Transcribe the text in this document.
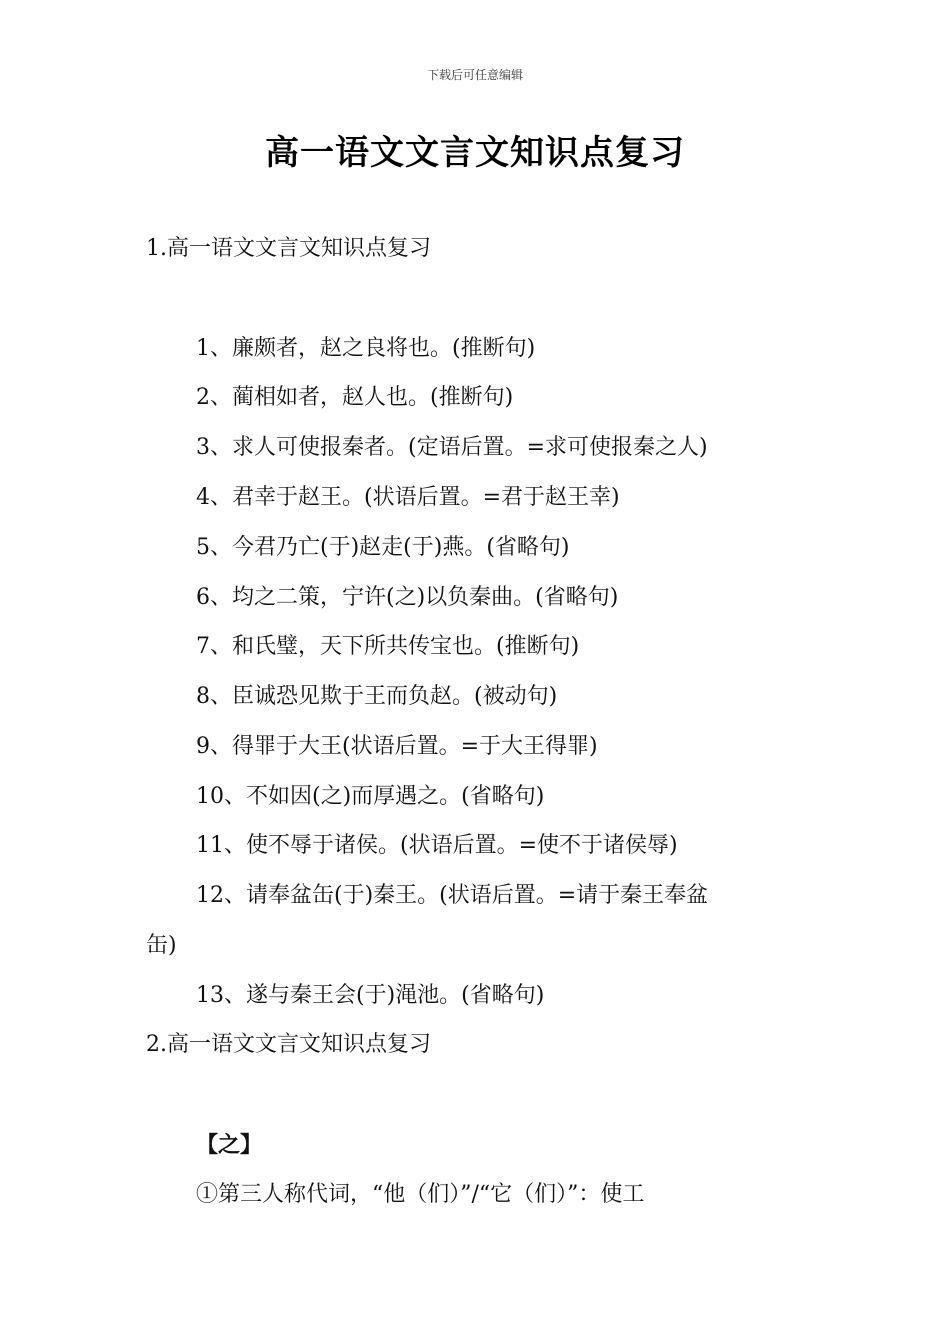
下载后可任意编辑
高一语文文言文知识点复习
1.高一语文文言文知识点复习
1、廉颇者，赵之良将也。(推断句)
2、蔺相如者，赵人也。(推断句)
3、求人可使报秦者。(定语后置。=求可使报秦之人)
4、君幸于赵王。(状语后置。=君于赵王幸)
5、今君乃亡(于)赵走(于)燕。(省略句)
6、均之二策，宁许(之)以负秦曲。(省略句)
7、和氏璧，天下所共传宝也。(推断句)
8、臣诚恐见欺于王而负赵。(被动句)
9、得罪于大王(状语后置。=于大王得罪)
10、不如因(之)而厚遇之。(省略句)
11、使不辱于诸侯。(状语后置。=使不于诸侯辱)
12、请奉盆缶(于)秦王。(状语后置。=请于秦王奉盆
缶)
13、遂与秦王会(于)渑池。(省略句)
2.高一语文文言文知识点复习
【之】
①第三人称代词，“他（们）”/“它（们）”：使工
